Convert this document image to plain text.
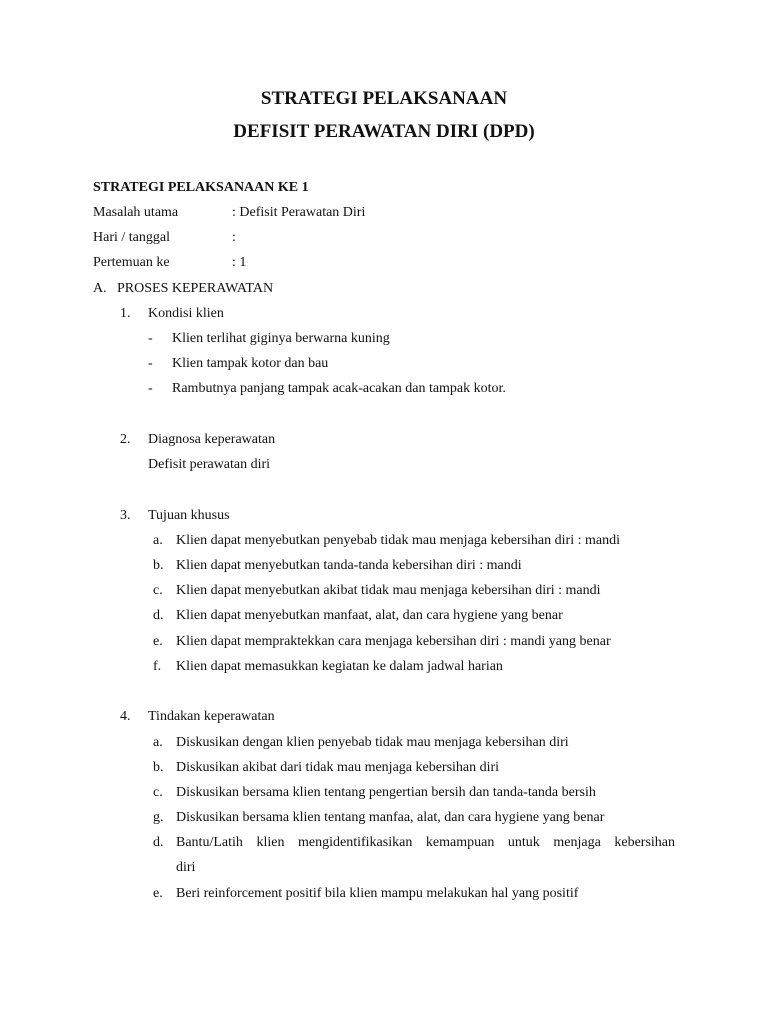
STRATEGI PELAKSANAAN
DEFISIT PERAWATAN DIRI (DPD)
STRATEGI PELAKSANAAN KE 1
Masalah utama	: Defisit Perawatan Diri
Hari / tanggal	:
Pertemuan ke	: 1
A. PROSES KEPERAWATAN
1. Kondisi klien
- Klien terlihat giginya berwarna kuning
- Klien tampak kotor dan bau
- Rambutnya panjang tampak acak-acakan dan tampak kotor.
2. Diagnosa keperawatan
Defisit perawatan diri
3. Tujuan khusus
a. Klien dapat menyebutkan penyebab tidak mau menjaga kebersihan diri : mandi
b. Klien dapat menyebutkan tanda-tanda kebersihan diri : mandi
c. Klien dapat menyebutkan akibat tidak mau menjaga kebersihan diri : mandi
d. Klien dapat menyebutkan manfaat, alat, dan cara hygiene yang benar
e. Klien dapat mempraktekkan cara menjaga kebersihan diri : mandi yang benar
f. Klien dapat memasukkan kegiatan ke dalam jadwal harian
4. Tindakan keperawatan
a. Diskusikan dengan klien penyebab tidak mau menjaga kebersihan diri
b. Diskusikan akibat dari tidak mau menjaga kebersihan diri
c. Diskusikan bersama klien tentang pengertian bersih dan tanda-tanda bersih
g. Diskusikan bersama klien tentang manfaa, alat, dan cara hygiene yang benar
d. Bantu/Latih klien mengidentifikasikan kemampuan untuk menjaga kebersihan
diri
e. Beri reinforcement positif bila klien mampu melakukan hal yang positif
